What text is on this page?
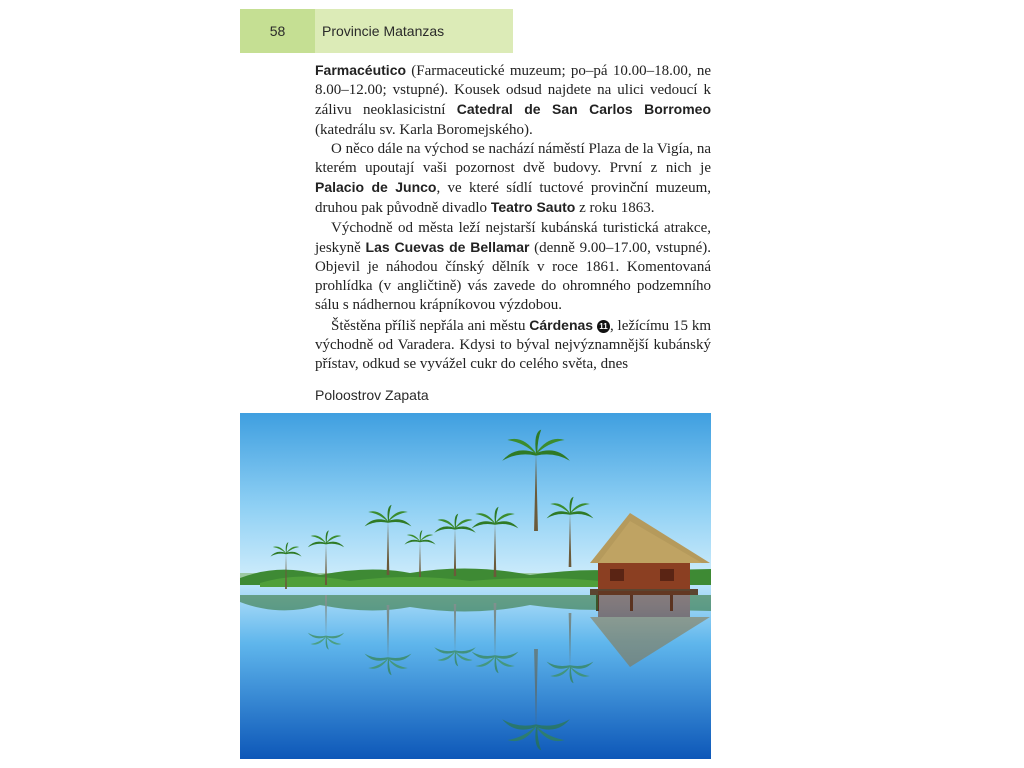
58	Provincie Matanzas

Farmacéutico (Farmaceutické muzeum; po–pá 10.00–18.00, ne 8.00–12.00; vstupné). Kousek odsud najdete na ulici vedoucí k zálivu neoklasicistní Catedral de San Carlos Borromeo (katedrálu sv. Karla Boromejského).

O něco dále na východ se nachází náměstí Plaza de la Vigía, na kterém upoutají vaši pozornost dvě budovy. První z nich je Palacio de Junco, ve které sídlí tuctové provinční muzeum, druhou pak původně divadlo Teatro Sauto z roku 1863.

Východně od města leží nejstarší kubánská turistická atrakce, jeskyně Las Cuevas de Bellamar (denně 9.00–17.00, vstupné). Objevil je náhodou čínský dělník v roce 1861. Komentovaná prohlídka (v angličtině) vás zavede do ohromného podzemního sálu s nádhernou krápníkovou výzdobou.

Štěstěna příliš nepřála ani městu Cárdenas 11 , ležícímu 15 km východně od Varadera. Kdysi to býval nejvýznamnější kubánský přístav, odkud se vyvážel cukr do celého světa, dnes

Poloostrov Zapata
